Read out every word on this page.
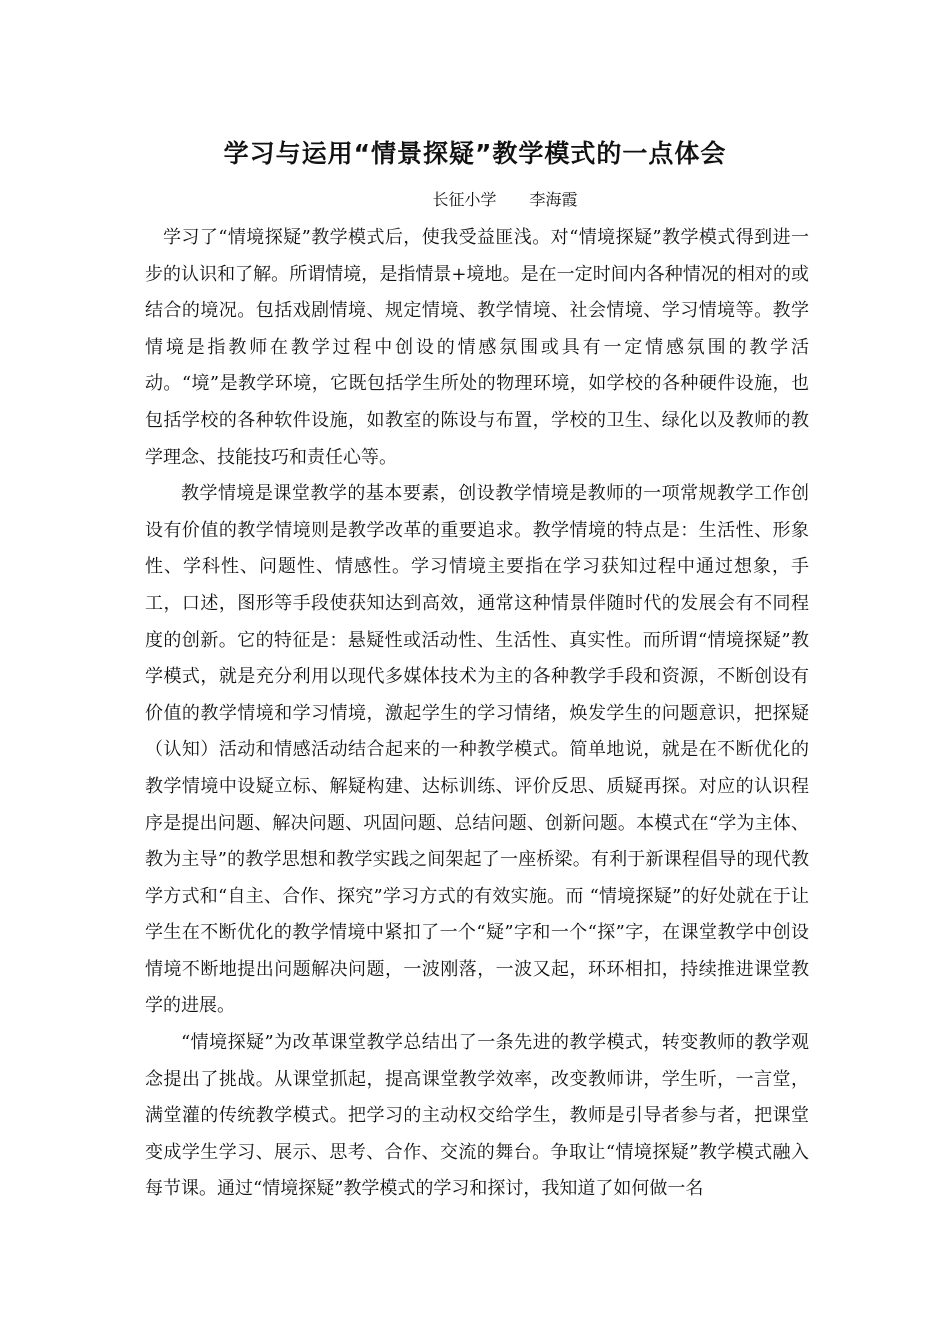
学习与运用“情景探疑”教学模式的一点体会
长征小学 李海霞

学习了“情境探疑”教学模式后，使我受益匪浅。对“情境探疑”教学模式得到进一步的认识和了解。所谓情境，是指情景+境地。是在一定时间内各种情况的相对的或结合的境况。包括戏剧情境、规定情境、教学情境、社会情境、学习情境等。教学情境是指教师在教学过程中创设的情感氛围或具有一定情感氛围的教学活动。“境”是教学环境，它既包括学生所处的物理环境，如学校的各种硬件设施，也包括学校的各种软件设施，如教室的陈设与布置，学校的卫生、绿化以及教师的教学理念、技能技巧和责任心等。

教学情境是课堂教学的基本要素，创设教学情境是教师的一项常规教学工作创设有价值的教学情境则是教学改革的重要追求。教学情境的特点是：生活性、形象性、学科性、问题性、情感性。学习情境主要指在学习获知过程中通过想象，手工，口述，图形等手段使获知达到高效，通常这种情景伴随时代的发展会有不同程度的创新。它的特征是：悬疑性或活动性、生活性、真实性。而所谓“情境探疑”教学模式，就是充分利用以现代多媒体技术为主的各种教学手段和资源，不断创设有价值的教学情境和学习情境，激起学生的学习情绪，焕发学生的问题意识，把探疑（认知）活动和情感活动结合起来的一种教学模式。简单地说，就是在不断优化的教学情境中设疑立标、解疑构建、达标训练、评价反思、质疑再探。对应的认识程序是提出问题、解决问题、巩固问题、总结问题、创新问题。本模式在“学为主体、教为主导”的教学思想和教学实践之间架起了一座桥梁。有利于新课程倡导的现代教学方式和“自主、合作、探究”学习方式的有效实施。而 “情境探疑”的好处就在于让学生在不断优化的教学情境中紧扣了一个“疑”字和一个“探”字，在课堂教学中创设情境不断地提出问题解决问题，一波刚落，一波又起，环环相扣，持续推进课堂教学的进展。

“情境探疑”为改革课堂教学总结出了一条先进的教学模式，转变教师的教学观念提出了挑战。从课堂抓起，提高课堂教学效率，改变教师讲，学生听，一言堂，满堂灌的传统教学模式。把学习的主动权交给学生，教师是引导者参与者，把课堂变成学生学习、展示、思考、合作、交流的舞台。争取让“情境探疑”教学模式融入每节课。通过“情境探疑”教学模式的学习和探讨，我知道了如何做一名
